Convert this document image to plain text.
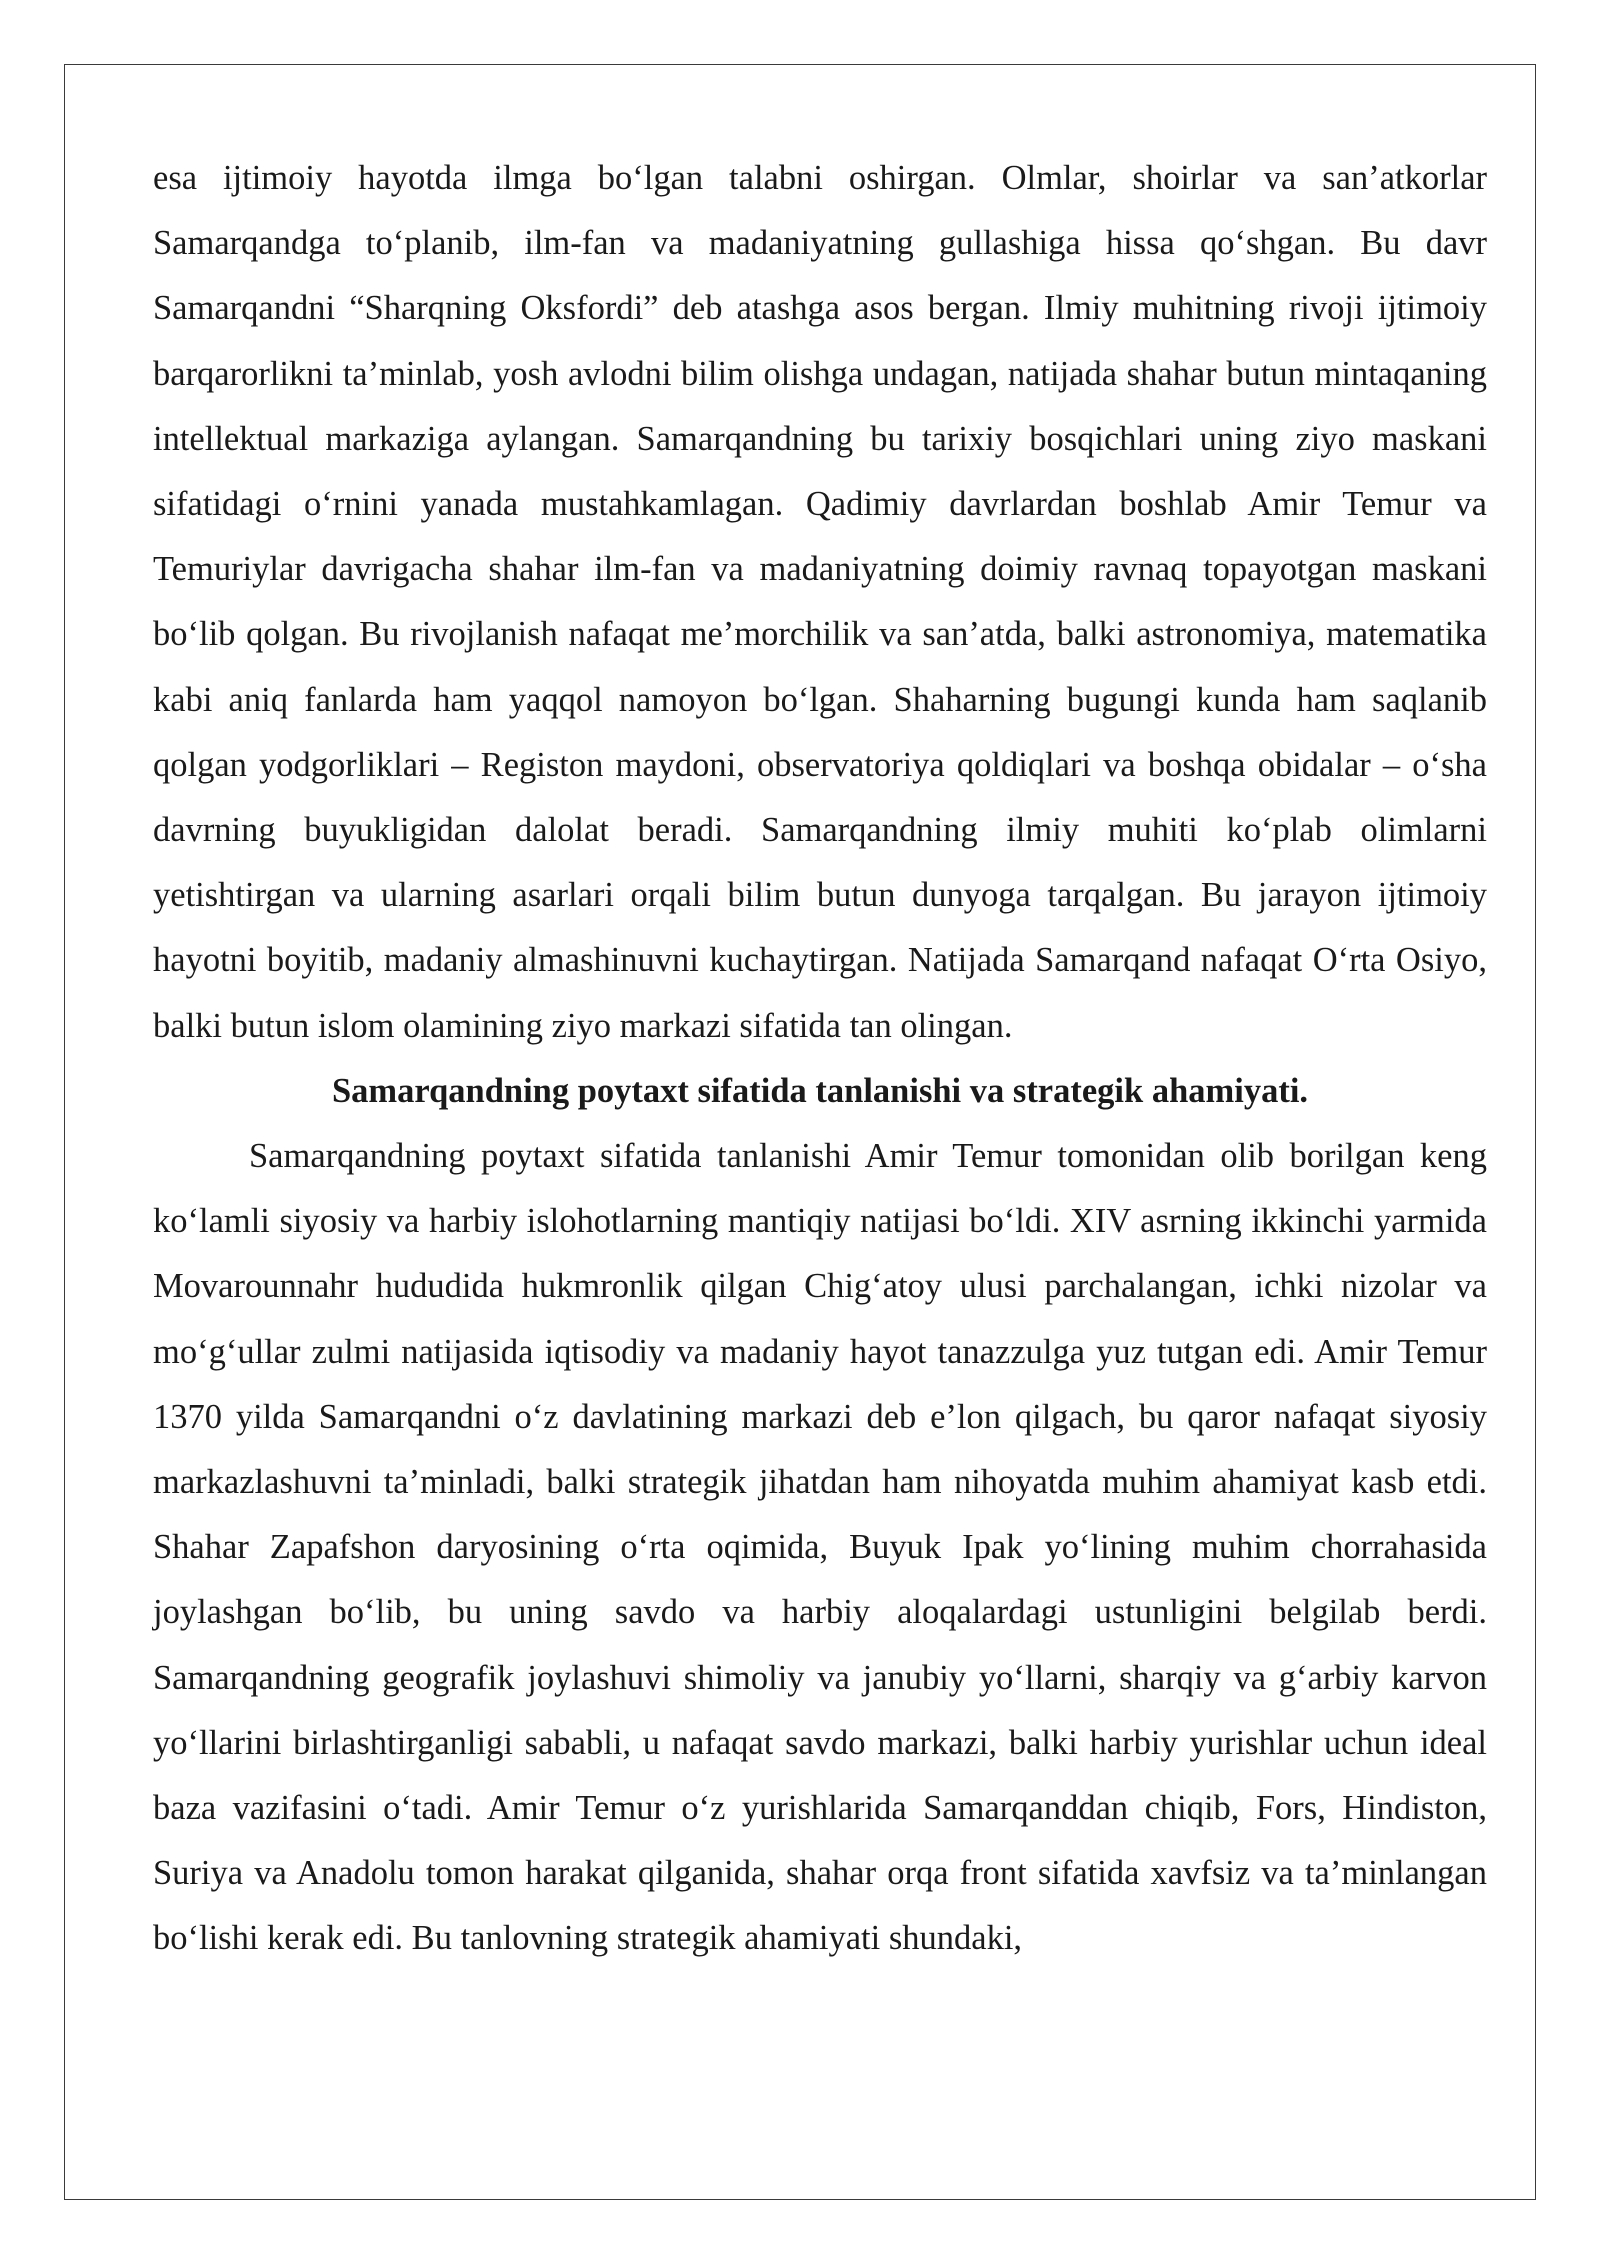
esa ijtimoiy hayotda ilmga bo‘lgan talabni oshirgan. Olmlar, shoirlar va san’atkorlar Samarqandga to‘planib, ilm-fan va madaniyatning gullashiga hissa qo‘shgan. Bu davr Samarqandni “Sharqning Oksfordi” deb atashga asos bergan. Ilmiy muhitning rivoji ijtimoiy barqarorlikni ta’minlab, yosh avlodni bilim olishga undagan, natijada shahar butun mintaqaning intellektual markaziga aylangan. Samarqandning bu tarixiy bosqichlari uning ziyo maskani sifatidagi o‘rnini yanada mustahkamlagan. Qadimiy davrlardan boshlab Amir Temur va Temuriylar davrigacha shahar ilm-fan va madaniyatning doimiy ravnaq topayotgan maskani bo‘lib qolgan. Bu rivojlanish nafaqat me’morchilik va san’atda, balki astronomiya, matematika kabi aniq fanlarda ham yaqqol namoyon bo‘lgan. Shaharning bugungi kunda ham saqlanib qolgan yodgorliklari – Registon maydoni, observatoriya qoldiqlari va boshqa obidalar – o‘sha davrning buyukligidan dalolat beradi. Samarqandning ilmiy muhiti ko‘plab olimlarni yetishtirgan va ularning asarlari orqali bilim butun dunyoga tarqalgan. Bu jarayon ijtimoiy hayotni boyitib, madaniy almashinuvni kuchaytirgan. Natijada Samarqand nafaqat O‘rta Osiyo, balki butun islom olamining ziyo markazi sifatida tan olingan.

Samarqandning poytaxt sifatida tanlanishi va strategik ahamiyati.

Samarqandning poytaxt sifatida tanlanishi Amir Temur tomonidan olib borilgan keng ko‘lamli siyosiy va harbiy islohotlarning mantiqiy natijasi bo‘ldi. XIV asrning ikkinchi yarmida Movarounnahr hududida hukmronlik qilgan Chig‘atoy ulusi parchalangan, ichki nizolar va mo‘g‘ullar zulmi natijasida iqtisodiy va madaniy hayot tanazzulga yuz tutgan edi. Amir Temur 1370 yilda Samarqandni o‘z davlatining markazi deb e’lon qilgach, bu qaror nafaqat siyosiy markazlashuvni ta’minladi, balki strategik jihatdan ham nihoyatda muhim ahamiyat kasb etdi. Shahar Zapafshon daryosining o‘rta oqimida, Buyuk Ipak yo‘lining muhim chorrahasida joylashgan bo‘lib, bu uning savdo va harbiy aloqalardagi ustunligini belgilab berdi. Samarqandning geografik joylashuvi shimoliy va janubiy yo‘llarni, sharqiy va g‘arbiy karvon yo‘llarini birlashtirganligi sababli, u nafaqat savdo markazi, balki harbiy yurishlar uchun ideal baza vazifasini o‘tadi. Amir Temur o‘z yurishlarida Samarqanddan chiqib, Fors, Hindiston, Suriya va Anadolu tomon harakat qilganida, shahar orqa front sifatida xavfsiz va ta’minlangan bo‘lishi kerak edi. Bu tanlovning strategik ahamiyati shundaki,
